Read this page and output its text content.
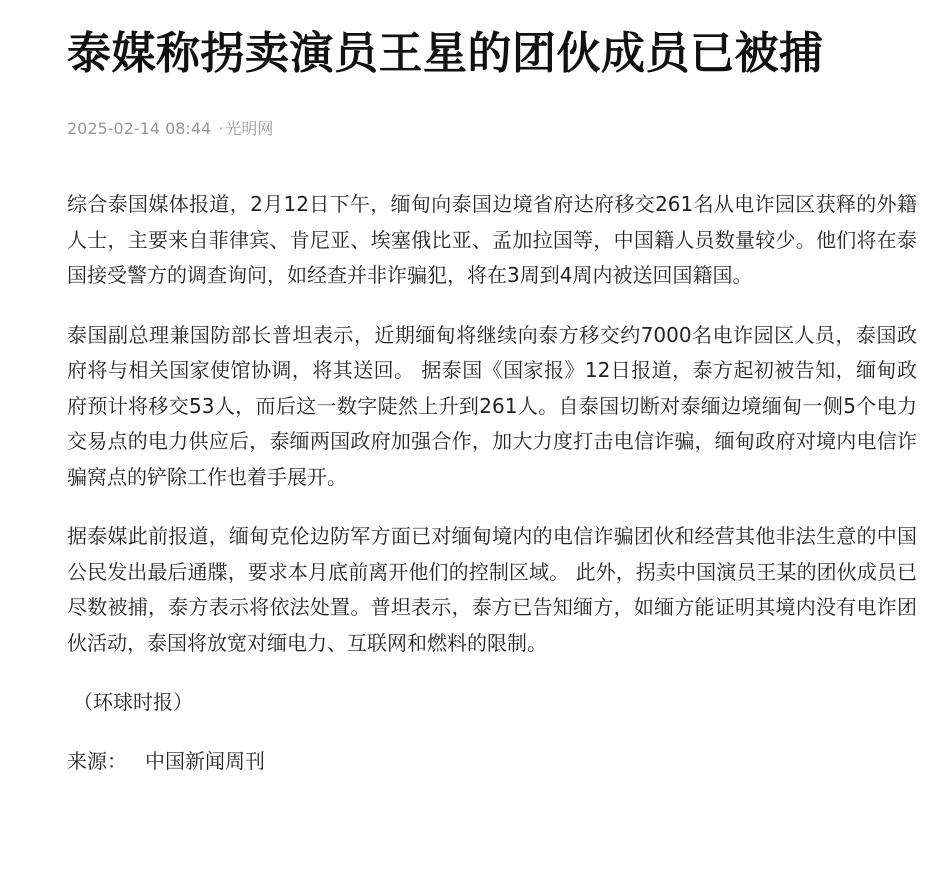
泰媒称拐卖演员王星的团伙成员已被捕
2025-02-14 08:44 · 光明网

综合泰国媒体报道，2月12日下午，缅甸向泰国边境省府达府移交261名从电诈园区获释的外籍人士，主要来自菲律宾、肯尼亚、埃塞俄比亚、孟加拉国等，中国籍人员数量较少。他们将在泰国接受警方的调查询问，如经查并非诈骗犯，将在3周到4周内被送回国籍国。

泰国副总理兼国防部长普坦表示，近期缅甸将继续向泰方移交约7000名电诈园区人员，泰国政府将与相关国家使馆协调，将其送回。 据泰国《国家报》12日报道，泰方起初被告知，缅甸政府预计将移交53人，而后这一数字陡然上升到261人。自泰国切断对泰缅边境缅甸一侧5个电力交易点的电力供应后，泰缅两国政府加强合作，加大力度打击电信诈骗，缅甸政府对境内电信诈骗窝点的铲除工作也着手展开。

据泰媒此前报道，缅甸克伦边防军方面已对缅甸境内的电信诈骗团伙和经营其他非法生意的中国公民发出最后通牒，要求本月底前离开他们的控制区域。 此外，拐卖中国演员王某的团伙成员已尽数被捕，泰方表示将依法处置。普坦表示，泰方已告知缅方，如缅方能证明其境内没有电诈团伙活动，泰国将放宽对缅电力、互联网和燃料的限制。

（环球时报）

来源： 中国新闻周刊
